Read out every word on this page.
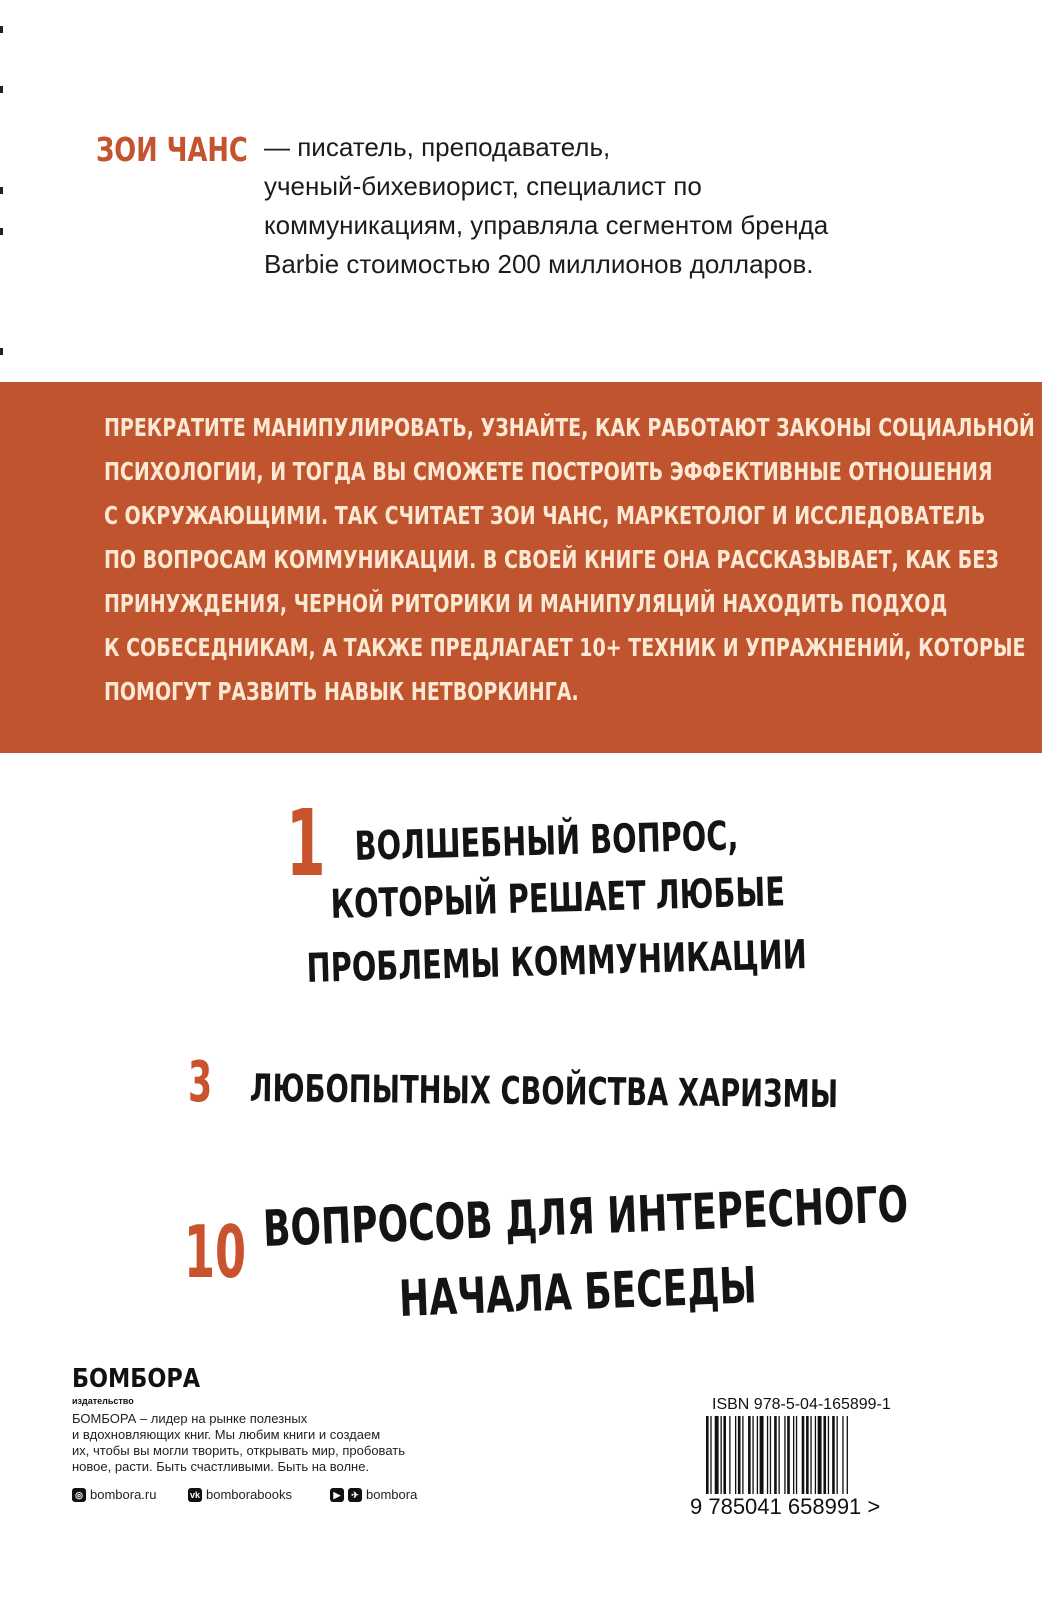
ЗОИ ЧАНС — писатель, преподаватель,
ученый-бихевиорист, специалист по
коммуникациям, управляла сегментом бренда
Barbie стоимостью 200 миллионов долларов.
ПРЕКРАТИТЕ МАНИПУЛИРОВАТЬ, УЗНАЙТЕ, КАК РАБОТАЮТ ЗАКОНЫ СОЦИАЛЬНОЙ
ПСИХОЛОГИИ, И ТОГДА ВЫ СМОЖЕТЕ ПОСТРОИТЬ ЭФФЕКТИВНЫЕ ОТНОШЕНИЯ
С ОКРУЖАЮЩИМИ. ТАК СЧИТАЕТ ЗОИ ЧАНС, МАРКЕТОЛОГ И ИССЛЕДОВАТЕЛЬ
ПО ВОПРОСАМ КОММУНИКАЦИИ. В СВОЕЙ КНИГЕ ОНА РАССКАЗЫВАЕТ, КАК БЕЗ
ПРИНУЖДЕНИЯ, ЧЕРНОЙ РИТОРИКИ И МАНИПУЛЯЦИЙ НАХОДИТЬ ПОДХОД
К СОБЕСЕДНИКАМ, А ТАКЖЕ ПРЕДЛАГАЕТ 10+ ТЕХНИК И УПРАЖНЕНИЙ, КОТОРЫЕ
ПОМОГУТ РАЗВИТЬ НАВЫК НЕТВОРКИНГА.
1 ВОЛШЕБНЫЙ ВОПРОС,
КОТОРЫЙ РЕШАЕТ ЛЮБЫЕ
ПРОБЛЕМЫ КОММУНИКАЦИИ
3 ЛЮБОПЫТНЫХ СВОЙСТВА ХАРИЗМЫ
10 ВОПРОСОВ ДЛЯ ИНТЕРЕСНОГО
НАЧАЛА БЕСЕДЫ
БОМБОРА
издательство
БОМБОРА – лидер на рынке полезных
и вдохновляющих книг. Мы любим книги и создаем
их, чтобы вы могли творить, открывать мир, пробовать
новое, расти. Быть счастливыми. Быть на волне.
◎ bombora.ru	vk bomborabooks	▶	✈ bombora
ISBN 978-5-04-165899-1
9 785041 658991 >
